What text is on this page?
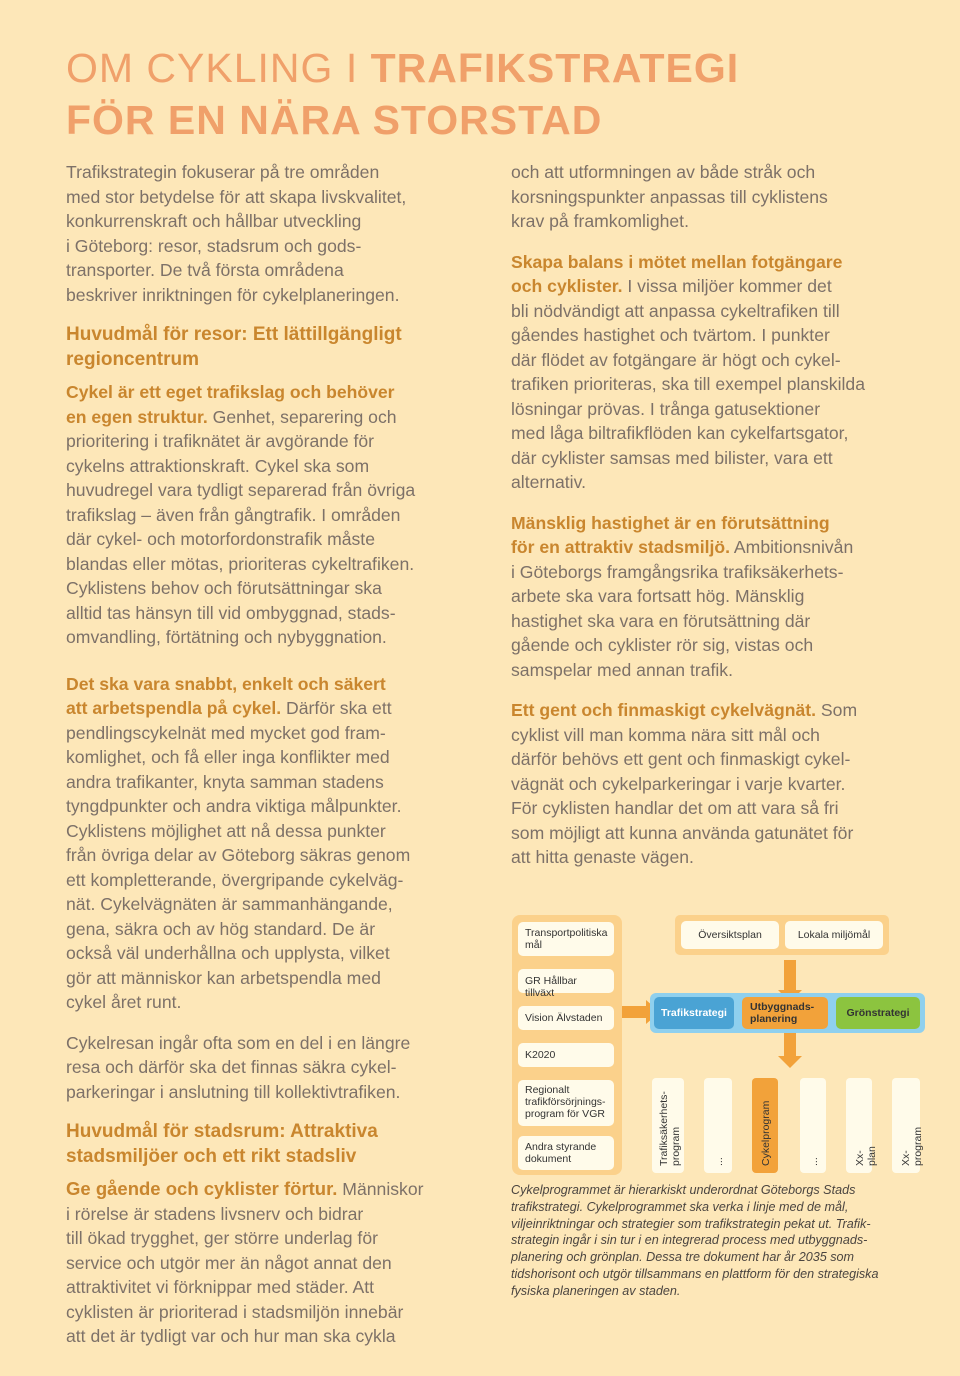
OM CYKLING I TRAFIKSTRATEGI
FÖR EN NÄRA STORSTAD

Trafikstrategin fokuserar på tre områden
med stor betydelse för att skapa livskvalitet,
konkurrenskraft och hållbar utveckling
i Göteborg: resor, stadsrum och gods-
transporter. De två första områdena
beskriver inriktningen för cykelplaneringen.

Huvudmål för resor: Ett lättillgängligt
regioncentrum

Cykel är ett eget trafikslag och behöver
en egen struktur. Genhet, separering och
prioritering i trafiknätet är avgörande för
cykelns attraktionskraft. Cykel ska som
huvudregel vara tydligt separerad från övriga
trafikslag – även från gångtrafik. I områden
där cykel- och motorfordonstrafik måste
blandas eller mötas, prioriteras cykeltrafiken.
Cyklistens behov och förutsättningar ska
alltid tas hänsyn till vid ombyggnad, stads-
omvandling, förtätning och nybyggnation.

Det ska vara snabbt, enkelt och säkert
att arbetspendla på cykel. Därför ska ett
pendlingscykelnät med mycket god fram-
komlighet, och få eller inga konflikter med
andra trafikanter, knyta samman stadens
tyngdpunkter och andra viktiga målpunkter.
Cyklistens möjlighet att nå dessa punkter
från övriga delar av Göteborg säkras genom
ett kompletterande, övergripande cykelväg-
nät. Cykelvägnäten är sammanhängande,
gena, säkra och av hög standard. De är
också väl underhållna och upplysta, vilket
gör att människor kan arbetspendla med
cykel året runt.

Cykelresan ingår ofta som en del i en längre
resa och därför ska det finnas säkra cykel-
parkeringar i anslutning till kollektivtrafiken.

Huvudmål för stadsrum: Attraktiva
stadsmiljöer och ett rikt stadsliv

Ge gående och cyklister förtur. Människor
i rörelse är stadens livsnerv och bidrar
till ökad trygghet, ger större underlag för
service och utgör mer än något annat den
attraktivitet vi förknippar med städer. Att
cyklisten är prioriterad i stadsmiljön innebär
att det är tydligt var och hur man ska cykla

och att utformningen av både stråk och
korsningspunkter anpassas till cyklistens
krav på framkomlighet.

Skapa balans i mötet mellan fotgängare
och cyklister. I vissa miljöer kommer det
bli nödvändigt att anpassa cykeltrafiken till
gåendes hastighet och tvärtom. I punkter
där flödet av fotgängare är högt och cykel-
trafiken prioriteras, ska till exempel planskilda
lösningar prövas. I trånga gatusektioner
med låga biltrafikflöden kan cykelfartsgator,
där cyklister samsas med bilister, vara ett
alternativ.

Mänsklig hastighet är en förutsättning
för en attraktiv stadsmiljö. Ambitionsnivån
i Göteborgs framgångsrika trafiksäkerhets-
arbete ska vara fortsatt hög. Mänsklig
hastighet ska vara en förutsättning där
gående och cyklister rör sig, vistas och
samspelar med annan trafik.

Ett gent och finmaskigt cykelvägnät. Som
cyklist vill man komma nära sitt mål och
därför behövs ett gent och finmaskigt cykel-
vägnät och cykelparkeringar i varje kvarter.
För cyklisten handlar det om att vara så fri
som möjligt att kunna använda gatunätet för
att hitta genaste vägen.

Transportpolitiska
mål
GR Hållbar tillväxt
Vision Älvstaden
K2020
Regionalt
trafikförsörjnings-
program för VGR
Andra styrande
dokument
Översiktsplan	Lokala miljömål
Trafikstrategi	Utbyggnads-
planering	Grönstrategi
Trafiksäkerhets-
program	...	Cykelprogram	...	Xx-plan Xx-program

Cykelprogrammet är hierarkiskt underordnat Göteborgs Stads
trafikstrategi. Cykelprogrammet ska verka i linje med de mål,
viljeinriktningar och strategier som trafikstrategin pekat ut. Trafik-
strategin ingår i sin tur i en integrerad process med utbyggnads-
planering och grönplan. Dessa tre dokument har år 2035 som
tidshorisont och utgör tillsammans en plattform för den strategiska
fysiska planeringen av staden.
